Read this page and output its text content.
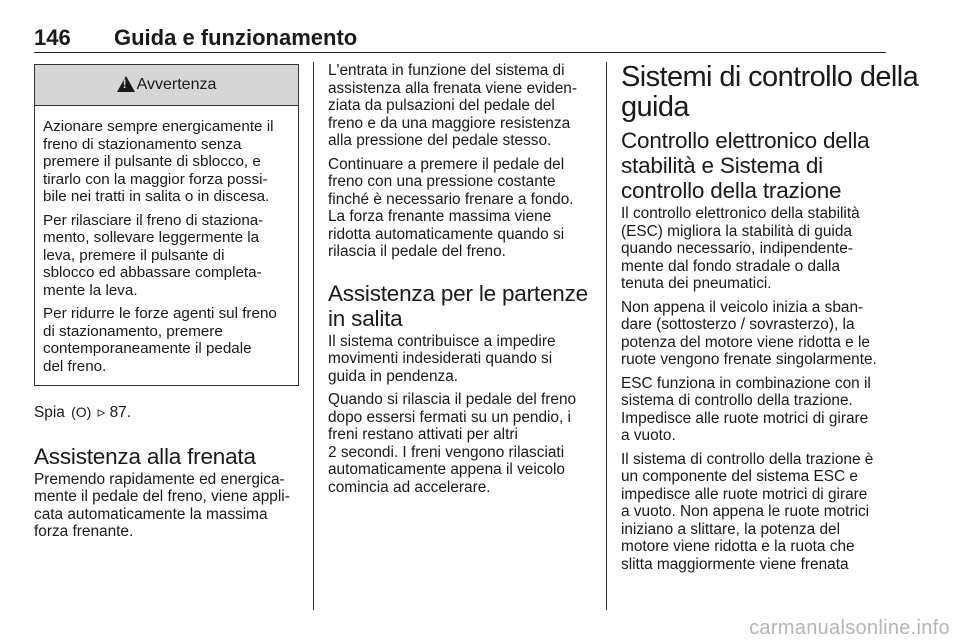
146 Guida e funzionamento
!Avvertenza

Azionare sempre energicamente il
freno di stazionamento senza
premere il pulsante di sblocco, e
tirarlo con la maggior forza possi-
bile nei tratti in salita o in discesa.

Per rilasciare il freno di staziona-
mento, sollevare leggermente la
leva, premere il pulsante di
sblocco ed abbassare completa-
mente la leva.

Per ridurre le forze agenti sul freno
di stazionamento, premere
contemporaneamente il pedale
del freno.

Spia (O) ▹ 87.

Assistenza alla frenata

Premendo rapidamente ed energica-
mente il pedale del freno, viene appli-
cata automaticamente la massima
forza frenante.

L'entrata in funzione del sistema di
assistenza alla frenata viene eviden-
ziata da pulsazioni del pedale del
freno e da una maggiore resistenza
alla pressione del pedale stesso.

Continuare a premere il pedale del
freno con una pressione costante
finché è necessario frenare a fondo.
La forza frenante massima viene
ridotta automaticamente quando si
rilascia il pedale del freno.

Assistenza per le partenze
in salita

Il sistema contribuisce a impedire
movimenti indesiderati quando si
guida in pendenza.

Quando si rilascia il pedale del freno
dopo essersi fermati su un pendio, i
freni restano attivati per altri
2 secondi. I freni vengono rilasciati
automaticamente appena il veicolo
comincia ad accelerare.

Sistemi di controllo della
guida
Controllo elettronico della
stabilità e Sistema di
controllo della trazione

Il controllo elettronico della stabilità
(ESC) migliora la stabilità di guida
quando necessario, indipendente-
mente dal fondo stradale o dalla
tenuta dei pneumatici.

Non appena il veicolo inizia a sban-
dare (sottosterzo / sovrasterzo), la
potenza del motore viene ridotta e le
ruote vengono frenate singolarmente.

ESC funziona in combinazione con il
sistema di controllo della trazione.
Impedisce alle ruote motrici di girare
a vuoto.

Il sistema di controllo della trazione è
un componente del sistema ESC e
impedisce alle ruote motrici di girare
a vuoto. Non appena le ruote motrici
iniziano a slittare, la potenza del
motore viene ridotta e la ruota che
slitta maggiormente viene frenata

carmanualsonline.info
